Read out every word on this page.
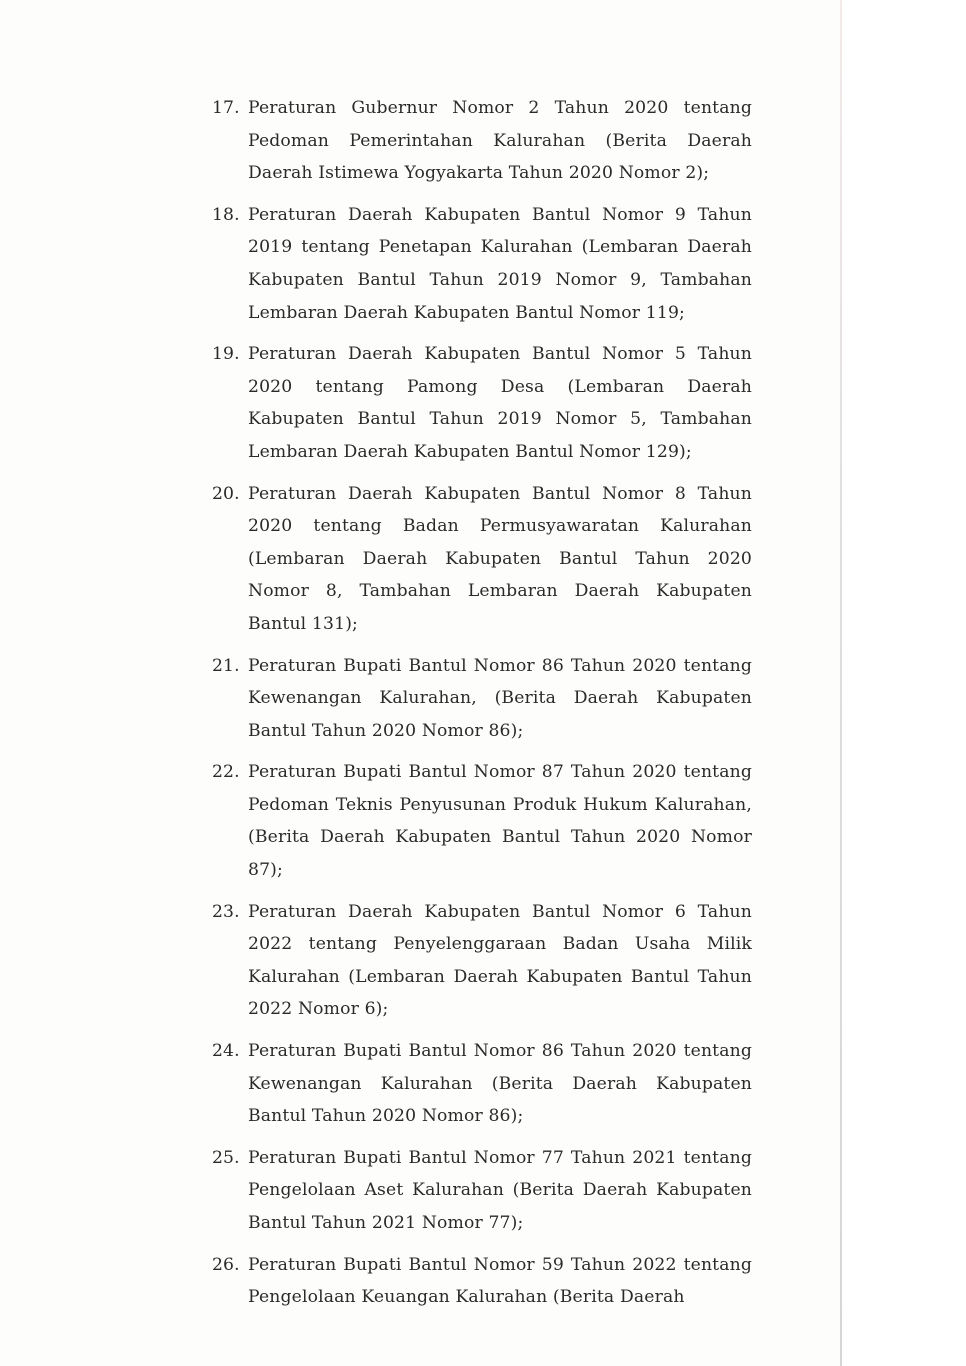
17. Peraturan Gubernur Nomor 2 Tahun 2020 tentang Pedoman Pemerintahan Kalurahan (Berita Daerah Daerah Istimewa Yogyakarta Tahun 2020 Nomor 2);
18. Peraturan Daerah Kabupaten Bantul Nomor 9 Tahun 2019 tentang Penetapan Kalurahan (Lembaran Daerah Kabupaten Bantul Tahun 2019 Nomor 9, Tambahan Lembaran Daerah Kabupaten Bantul Nomor 119;
19. Peraturan Daerah Kabupaten Bantul Nomor 5 Tahun 2020 tentang Pamong Desa (Lembaran Daerah Kabupaten Bantul Tahun 2019 Nomor 5, Tambahan Lembaran Daerah Kabupaten Bantul Nomor 129);
20. Peraturan Daerah Kabupaten Bantul Nomor 8 Tahun 2020 tentang Badan Permusyawaratan Kalurahan (Lembaran Daerah Kabupaten Bantul Tahun 2020 Nomor 8, Tambahan Lembaran Daerah Kabupaten Bantul 131);
21. Peraturan Bupati Bantul Nomor 86 Tahun 2020 tentang Kewenangan Kalurahan, (Berita Daerah Kabupaten Bantul Tahun 2020 Nomor 86);
22. Peraturan Bupati Bantul Nomor 87 Tahun 2020 tentang Pedoman Teknis Penyusunan Produk Hukum Kalurahan, (Berita Daerah Kabupaten Bantul Tahun 2020 Nomor 87);
23. Peraturan Daerah Kabupaten Bantul Nomor 6 Tahun 2022 tentang Penyelenggaraan Badan Usaha Milik Kalurahan (Lembaran Daerah Kabupaten Bantul Tahun 2022 Nomor 6);
24. Peraturan Bupati Bantul Nomor 86 Tahun 2020 tentang Kewenangan Kalurahan (Berita Daerah Kabupaten Bantul Tahun 2020 Nomor 86);
25. Peraturan Bupati Bantul Nomor 77 Tahun 2021 tentang Pengelolaan Aset Kalurahan (Berita Daerah Kabupaten Bantul Tahun 2021 Nomor 77);
26. Peraturan Bupati Bantul Nomor 59 Tahun 2022 tentang Pengelolaan Keuangan Kalurahan (Berita Daerah
